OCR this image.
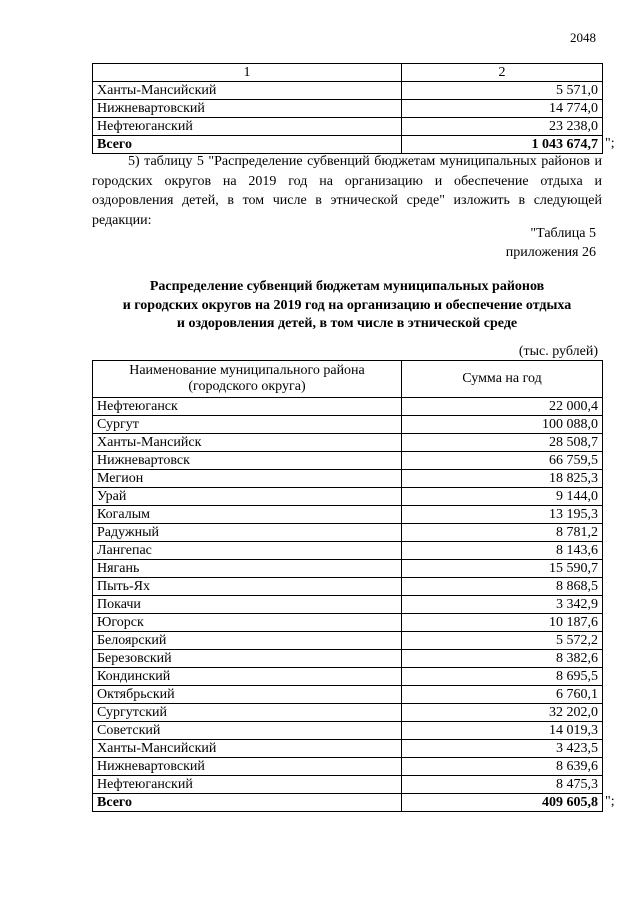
2048
1	2
Ханты-Мансийский	5 571,0
Нижневартовский	14 774,0
Нефтеюганский	23 238,0
Всего	1 043 674,7 ";

5) таблицу 5 "Распределение субвенций бюджетам муниципальных районов и городских округов на 2019 год на организацию и обеспечение отдыха и оздоровления детей, в том числе в этнической среде" изложить в следующей редакции:

"Таблица 5
приложения 26
Распределение субвенций бюджетам муниципальных районов
и городских округов на 2019 год на организацию и обеспечение отдыха
и оздоровления детей, в том числе в этнической среде
(тыс. рублей)
Наименование муниципального района (городского округа)	Сумма на год
Нефтеюганск	22 000,4
Сургут	100 088,0
Ханты-Мансийск	28 508,7
Нижневартовск	66 759,5
Мегион	18 825,3
Урай	9 144,0
Когалым	13 195,3
Радужный	8 781,2
Лангепас	8 143,6
Нягань	15 590,7
Пыть-Ях	8 868,5
Покачи	3 342,9
Югорск	10 187,6
Белоярский	5 572,2
Березовский	8 382,6
Кондинский	8 695,5
Октябрьский	6 760,1
Сургутский	32 202,0
Советский	14 019,3
Ханты-Мансийский	3 423,5
Нижневартовский	8 639,6
Нефтеюганский	8 475,3
Всего	409 605,8 ";
